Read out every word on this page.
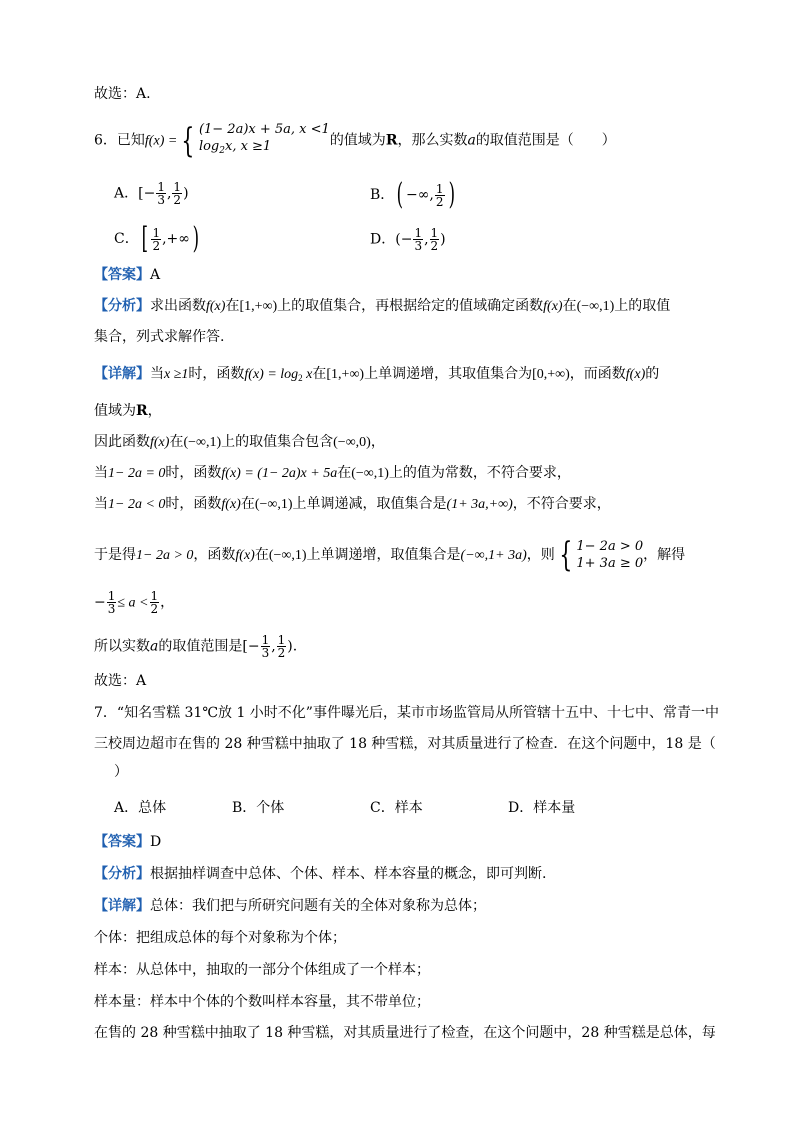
故选：A.
6．已知f(x) = { (1− 2a)x + 5a, x <1
$\log_2x$, x ≥1	的值域为R，那么实数a的取值范围是（　　）
A．[− $\frac{1}{3}$ , $\frac{1}{2}$ )	B．( −∞, $\frac{1}{2}$ )
C．[ $\frac{1}{2}$ ,+∞)	D．(− $\frac{1}{3}$ , $\frac{1}{2}$ )
【答案】A
【分析】求出函数f(x)在[1,+∞)上的取值集合，再根据给定的值域确定函数f(x)在(−∞,1)上的取值
集合，列式求解作答.
【详解】当x ≥1时，函数$f(x) = \log_2 x$在[1,+∞)上单调递增，其取值集合为[0,+∞)，而函数f(x)的
值域为R，
因此函数f(x)在(−∞,1)上的取值集合包含(−∞,0)，
当1− 2a = 0时，函数f(x) = (1− 2a)x + 5a在(−∞,1)上的值为常数，不符合要求，
当1− 2a < 0时，函数f(x)在(−∞,1)上单调递减，取值集合是(1+ 3a,+∞)，不符合要求，
于是得1− 2a > 0，函数f(x)在(−∞,1)上单调递增，取值集合是(−∞,1+ 3a)，则 { 1− 2a > 0
1+ 3a ≥ 0
，解得
− $\frac{1}{3} \le a < \frac{1}{2}$ ，
所以实数a的取值范围是[− $\frac{1}{3}$ , $\frac{1}{2}$ ).
故选：A
7．“知名雪糕 31℃放 1 小时不化”事件曝光后，某市市场监管局从所管辖十五中、十七中、常青一中
三校周边超市在售的 28 种雪糕中抽取了 18 种雪糕，对其质量进行了检查．在这个问题中，18 是（
）
A．总体	B．个体	C．样本	D．样本量
【答案】D
【分析】根据抽样调查中总体、个体、样本、样本容量的概念，即可判断.
【详解】总体：我们把与所研究问题有关的全体对象称为总体；
个体：把组成总体的每个对象称为个体；
样本：从总体中，抽取的一部分个体组成了一个样本；
样本量：样本中个体的个数叫样本容量，其不带单位；
在售的 28 种雪糕中抽取了 18 种雪糕，对其质量进行了检查，在这个问题中，28 种雪糕是总体，每
